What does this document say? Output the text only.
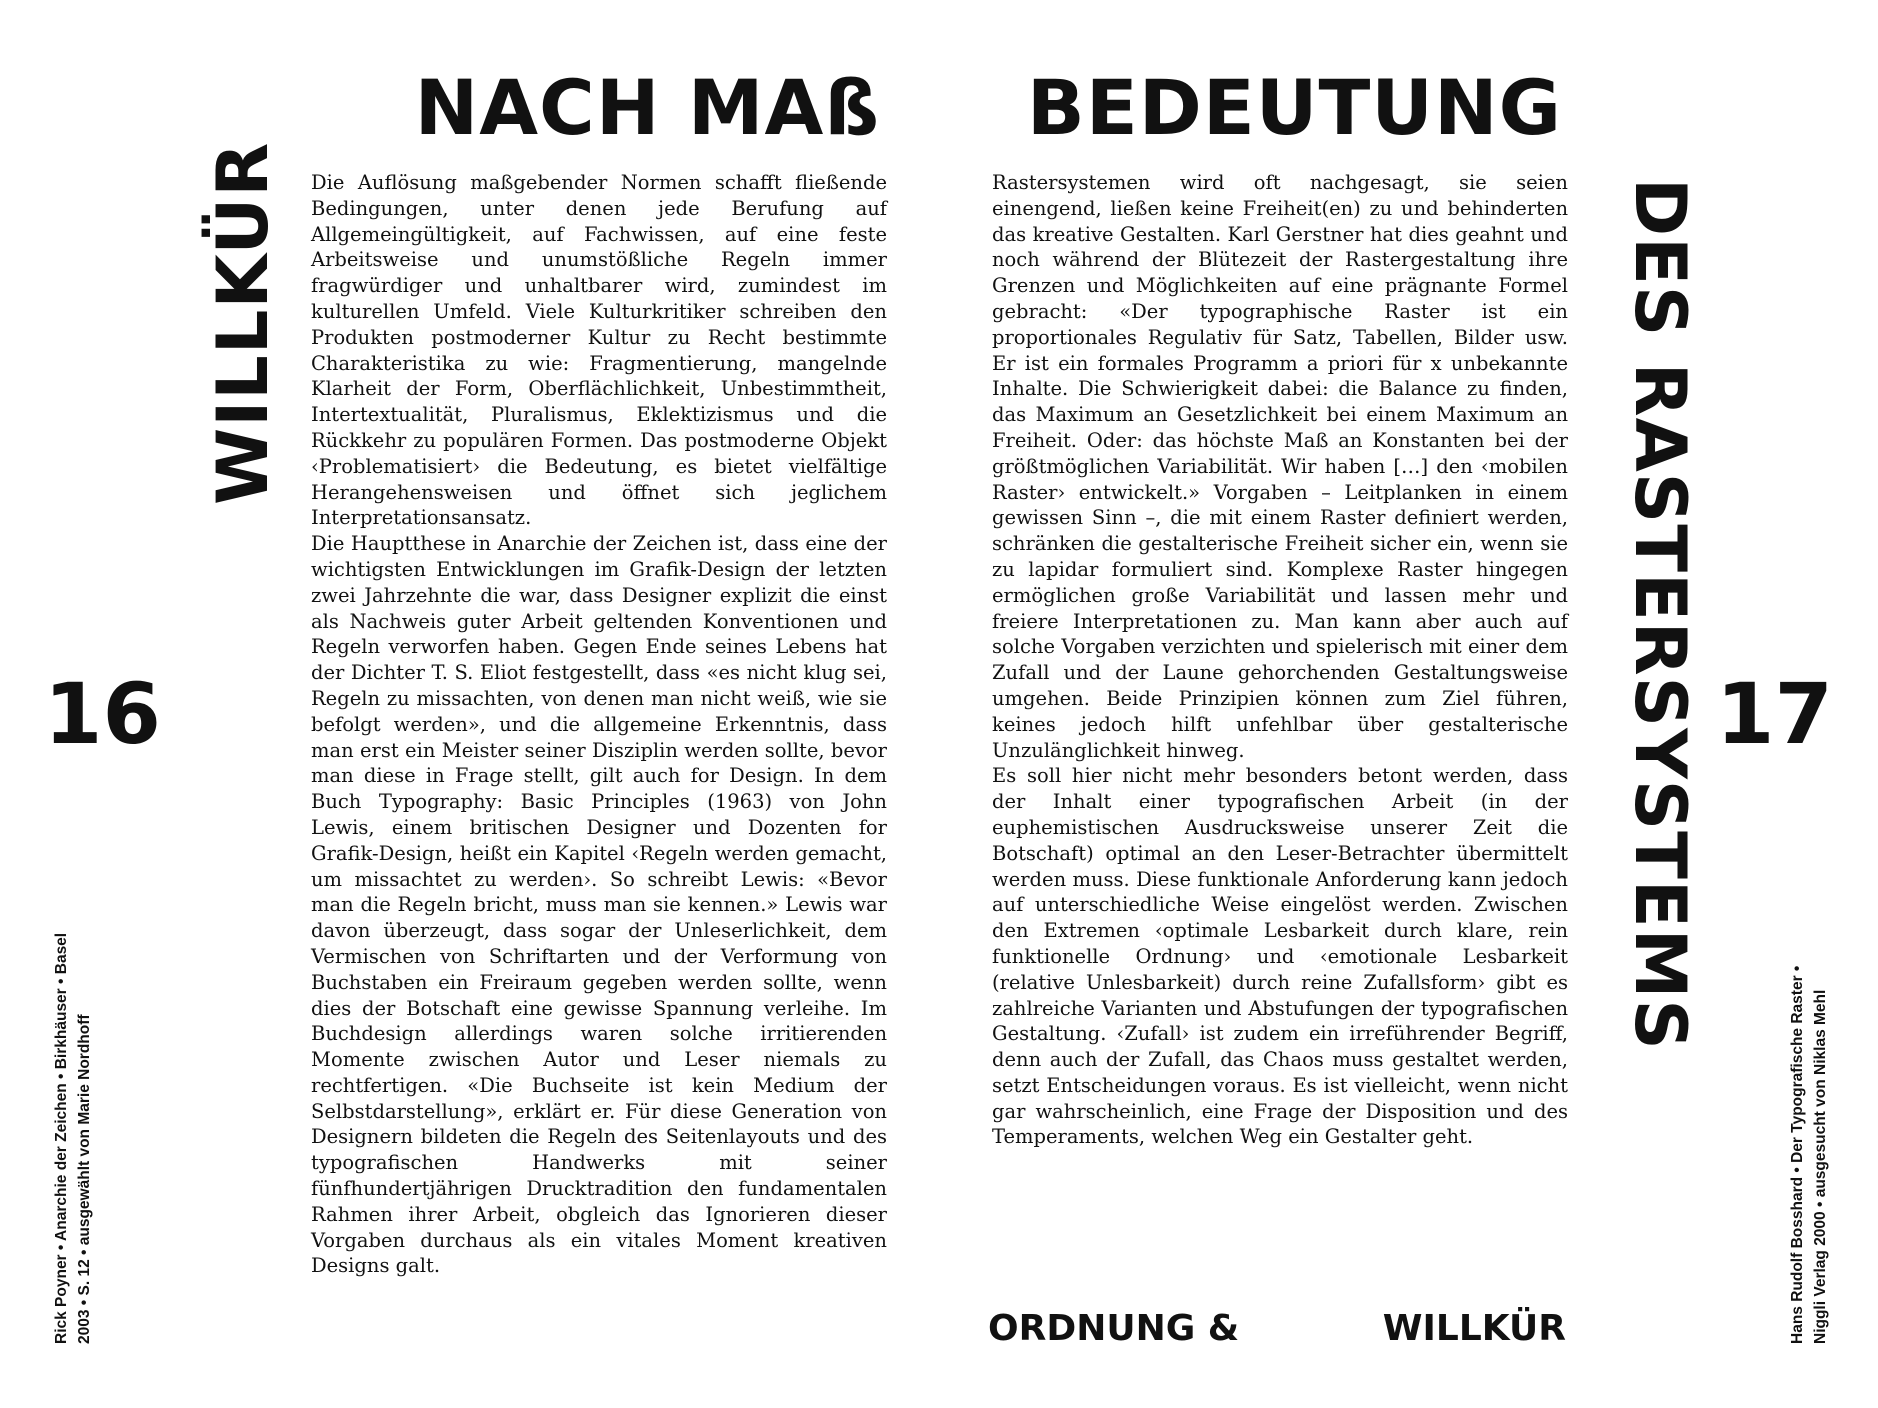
NACH MAß BEDEUTUNG
WILLKÜR	DES RASTERSYSTEMS
16	17

Die Auflösung maßgebender Normen schafft fließende Bedingungen, unter denen jede Berufung auf Allgemeingültigkeit, auf Fachwissen, auf eine feste Arbeitsweise und unumstößliche Regeln immer fragwürdiger und unhaltbarer wird, zumindest im kulturellen Umfeld. Viele Kulturkritiker schreiben den Produkten postmoderner Kultur zu Recht bestimmte Charakteristika zu wie: Fragmentierung, mangelnde Klarheit der Form, Oberflächlichkeit, Unbestimmtheit, Intertextualität, Pluralismus, Eklektizismus und die Rückkehr zu populären Formen. Das postmoderne Objekt ‹Problematisiert› die Bedeutung, es bietet vielfältige Herangehensweisen und öffnet sich jeglichem Interpretationsansatz.

Die Hauptthese in Anarchie der Zeichen ist, dass eine der wichtigsten Entwicklungen im Grafik-Design der letzten zwei Jahrzehnte die war, dass Designer explizit die einst als Nachweis guter Arbeit geltenden Konventionen und Regeln verworfen haben. Gegen Ende seines Lebens hat der Dichter T. S. Eliot festgestellt, dass «es nicht klug sei, Regeln zu missachten, von denen man nicht weiß, wie sie befolgt werden», und die allgemeine Erkenntnis, dass man erst ein Meister seiner Disziplin werden sollte, bevor man diese in Frage stellt, gilt auch for Design. In dem Buch Typography: Basic Principles (1963) von John Lewis, einem britischen Designer und Dozenten for Grafik-Design, heißt ein Kapitel ‹Regeln werden gemacht, um missachtet zu werden›. So schreibt Lewis: «Bevor man die Regeln bricht, muss man sie kennen.» Lewis war davon überzeugt, dass sogar der Unleserlichkeit, dem Vermischen von Schriftarten und der Verformung von Buchstaben ein Freiraum gegeben werden sollte, wenn dies der Botschaft eine gewisse Spannung verleihe. Im Buchdesign allerdings waren solche irritierenden Momente zwischen Autor und Leser niemals zu rechtfertigen. «Die Buchseite ist kein Medium der Selbstdarstellung», erklärt er. Für diese Generation von Designern bildeten die Regeln des Seitenlayouts und des typografischen Handwerks mit seiner fünfhundertjährigen Drucktradition den fundamentalen Rahmen ihrer Arbeit, obgleich das Ignorieren dieser Vorgaben durchaus als ein vitales Moment kreativen Designs galt.

Rastersystemen wird oft nachgesagt, sie seien einengend, ließen keine Freiheit(en) zu und behinderten das kreative Gestalten. Karl Gerstner hat dies geahnt und noch während der Blütezeit der Rastergestaltung ihre Grenzen und Möglichkeiten auf eine prägnante Formel gebracht: «Der typographische Raster ist ein proportionales Regulativ für Satz, Tabellen, Bilder usw. Er ist ein formales Programm a priori für x unbekannte Inhalte. Die Schwierigkeit dabei: die Balance zu finden, das Maximum an Gesetzlichkeit bei einem Maximum an Freiheit. Oder: das höchste Maß an Konstanten bei der größtmöglichen Variabilität. Wir haben […] den ‹mobilen Raster› entwickelt.» Vorgaben – Leitplanken in einem gewissen Sinn –, die mit einem Raster definiert werden, schränken die gestalterische Freiheit sicher ein, wenn sie zu lapidar formuliert sind. Komplexe Raster hingegen ermöglichen große Variabilität und lassen mehr und freiere Interpretationen zu. Man kann aber auch auf solche Vorgaben verzichten und spielerisch mit einer dem Zufall und der Laune gehorchenden Gestaltungsweise umgehen. Beide Prinzipien können zum Ziel führen, keines jedoch hilft unfehlbar über gestalterische Unzulänglichkeit hinweg.

Es soll hier nicht mehr besonders betont werden, dass der Inhalt einer typografischen Arbeit (in der euphemistischen Ausdrucksweise unserer Zeit die Botschaft) optimal an den Leser-Betrachter übermittelt werden muss. Diese funktionale Anforderung kann jedoch auf unterschiedliche Weise eingelöst werden. Zwischen den Extremen ‹optimale Lesbarkeit durch klare, rein funktionelle Ordnung› und ‹emotionale Lesbarkeit (relative Unlesbarkeit) durch reine Zufallsform› gibt es zahlreiche Varianten und Abstufungen der typografischen Gestaltung. ‹Zufall› ist zudem ein irreführender Begriff, denn auch der Zufall, das Chaos muss gestaltet werden, setzt Entscheidungen voraus. Es ist vielleicht, wenn nicht gar wahrscheinlich, eine Frage der Disposition und des Temperaments, welchen Weg ein Gestalter geht.

ORDNUNG &	WILLKÜR
Rick Poyner • Anarchie der Zeichen • Birkhäuser • Basel 2003 • S. 12 • ausgewählt von Marie Nordhoff	Hans Rudolf Bosshard • Der Typografische Raster • Niggli Verlag 2000 • ausgesucht von Niklas Mehl
